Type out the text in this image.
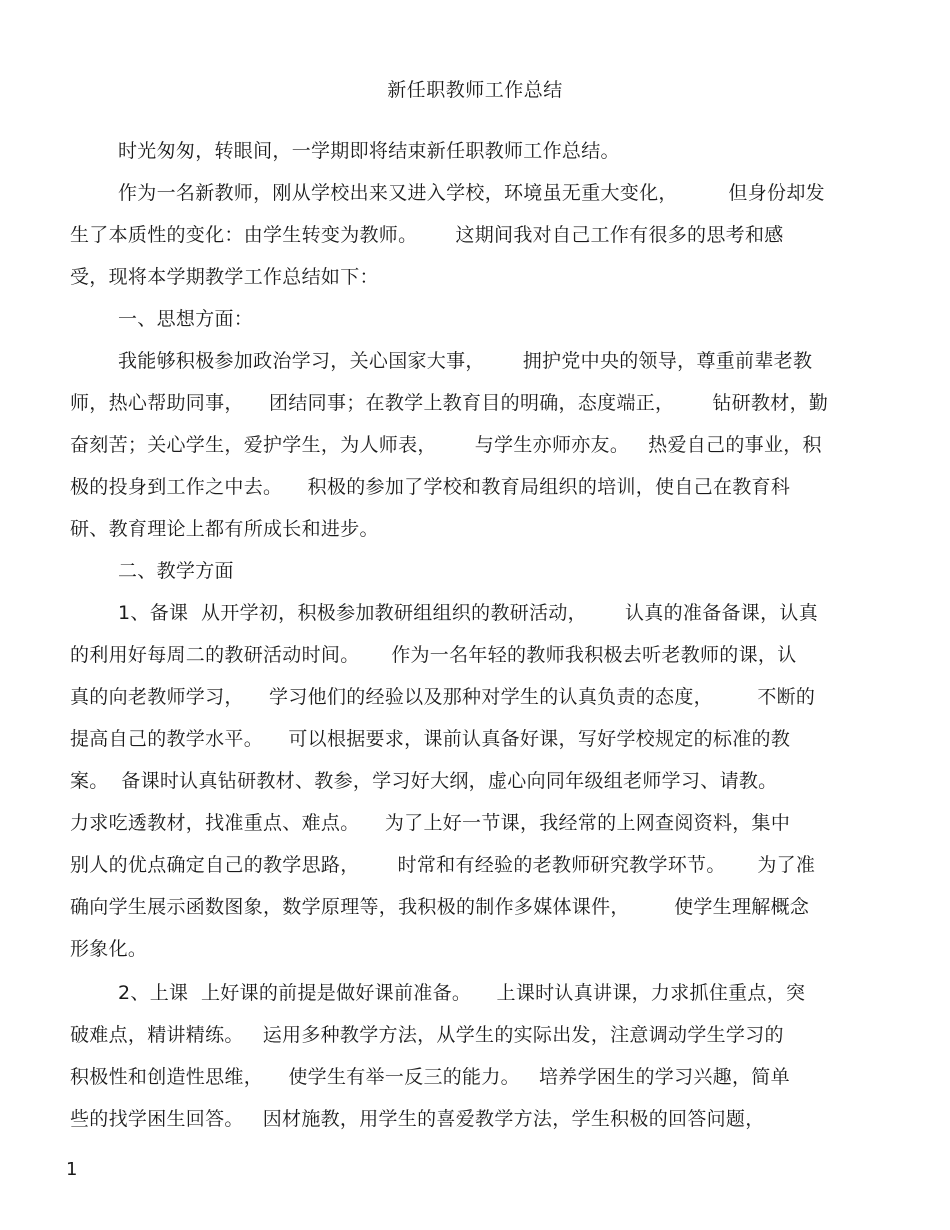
新任职教师工作总结
时光匆匆，转眼间，一学期即将结束新任职教师工作总结。
作为一名新教师，刚从学校出来又进入学校，环境虽无重大变化，        但身份却发
生了本质性的变化：由学生转变为教师。      这期间我对自己工作有很多的思考和感
受，现将本学期教学工作总结如下：
一、思想方面：
我能够积极参加政治学习，关心国家大事，      拥护党中央的领导，尊重前辈老教
师，热心帮助同事，    团结同事；在教学上教育目的明确，态度端正，      钻研教材，勤
奋刻苦；关心学生，爱护学生，为人师表，      与学生亦师亦友。   热爱自己的事业，积
极的投身到工作之中去。    积极的参加了学校和教育局组织的培训，使自己在教育科
研、教育理论上都有所成长和进步。
二、教学方面
1、备课  从开学初，积极参加教研组组织的教研活动，      认真的准备备课，认真
的利用好每周二的教研活动时间。     作为一名年轻的教师我积极去听老教师的课，认
真的向老教师学习，    学习他们的经验以及那种对学生的认真负责的态度，       不断的
提高自己的教学水平。    可以根据要求，课前认真备好课，写好学校规定的标准的教
案。  备课时认真钻研教材、教参，学习好大纲，虚心向同年级组老师学习、请教。
力求吃透教材，找准重点、难点。    为了上好一节课，我经常的上网查阅资料，集中
别人的优点确定自己的教学思路，      时常和有经验的老教师研究教学环节。     为了准
确向学生展示函数图象，数学原理等，我积极的制作多媒体课件，       使学生理解概念
形象化。
2、上课  上好课的前提是做好课前准备。    上课时认真讲课，力求抓住重点，突
破难点，精讲精练。   运用多种教学方法，从学生的实际出发，注意调动学生学习的
积极性和创造性思维，    使学生有举一反三的能力。   培养学困生的学习兴趣，简单
些的找学困生回答。   因材施教，用学生的喜爱教学方法，学生积极的回答问题，
1
